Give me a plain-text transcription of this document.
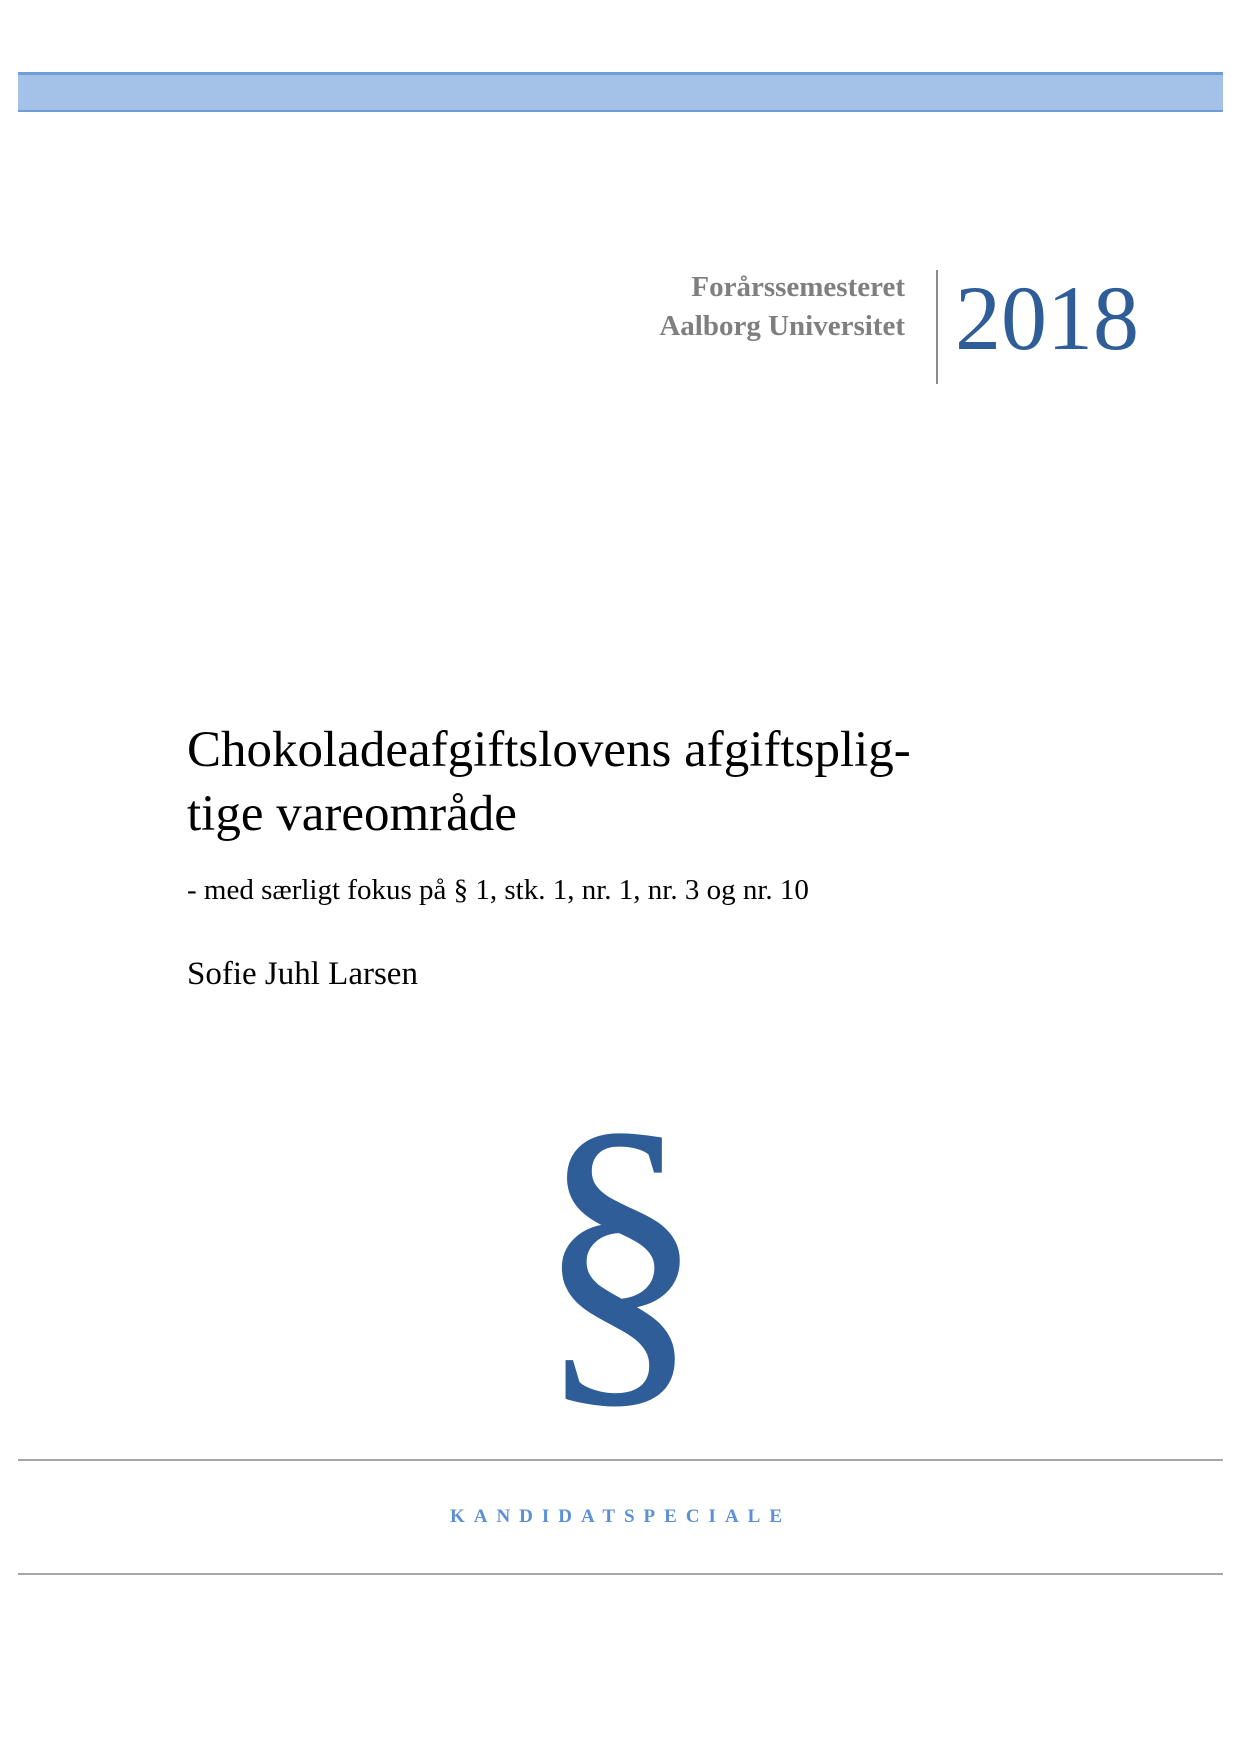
Forårssemesteret
Aalborg Universitet 2018
Chokoladeafgiftslovens afgiftsplig-
tige vareområde
- med særligt fokus på § 1, stk. 1, nr. 1, nr. 3 og nr. 10
Sofie Juhl Larsen
§
KANDIDATSPECIALE
